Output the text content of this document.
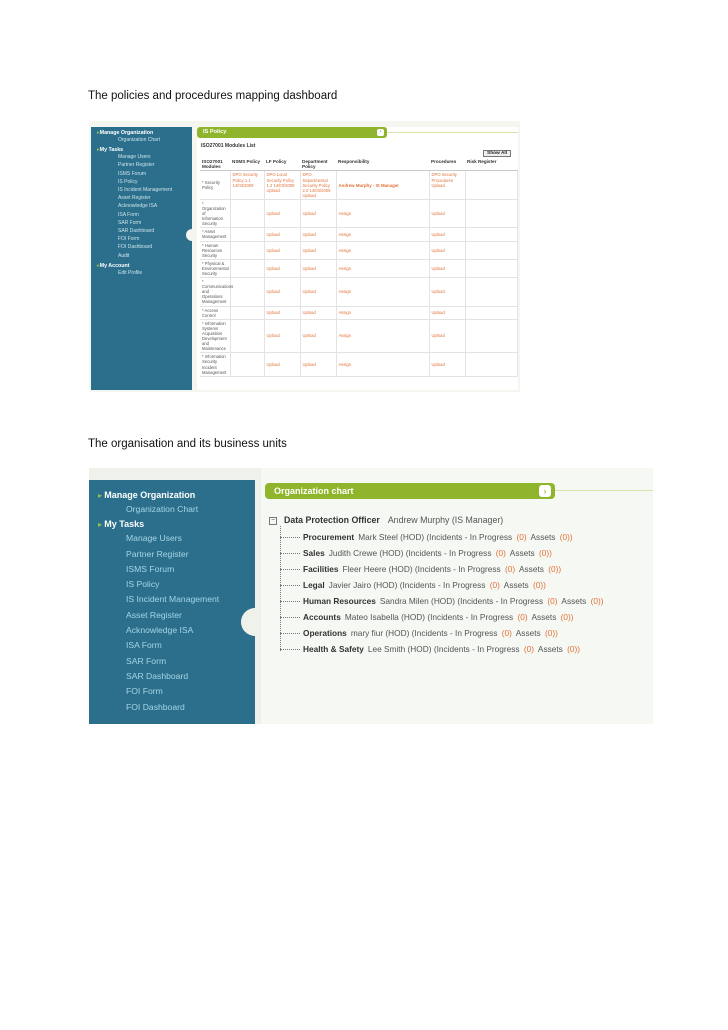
The policies and procedures mapping dashboard
▸ Manage Organization
Organization Chart
▸ My Tasks
Manage Users
Partner Register
ISMS Forum
IS Policy
IS Incident Management
Asset Register
Acknowledge ISA
ISA Form
SAR Form
SAR Dashboard
FOI Form
FOI Dashboard
Audit
▸ My Account
Edit Profile
IS Policy	›
ISO27001 Modules List
Show All
ISO27001 Modules	NSMS Policy	LF Policy	Department Policy	Responsibility	Procedures	Risk Register
* Security Policy	DPO Security Policy 1.1 14/03/2009	DPO Local Security Policy 1.2 14/03/2009 Upload	DPO Departmental Security Policy 2.0 14/03/2009 Upload	Andrew Murphy - IS Manager	DPO Security Procedures Upload	
* Organization of Information Security		Upload	Upload	Assign	Upload	
* Asset Management		Upload	Upload	Assign	Upload	
* Human Resources Security		Upload	Upload	Assign	Upload	
* Physical & Environmental Security		Upload	Upload	Assign	Upload	
* Communications and Operations Management		Upload	Upload	Assign	Upload	
* Access Control		Upload	Upload	Assign	Upload	
* Information Systems Acquisition Development and Maintenance		Upload	Upload	Assign	Upload	
* Information Security Incident Management		Upload	Upload	Assign	Upload	
The organisation and its business units
▸ Manage Organization
Organization Chart
▸ My Tasks
Manage Users
Partner Register
ISMS Forum
IS Policy
IS Incident Management
Asset Register
Acknowledge ISA
ISA Form
SAR Form
SAR Dashboard
FOI Form
FOI Dashboard
Organization chart	›
− Data Protection Officer Andrew Murphy (IS Manager)
Procurement Mark Steel (HOD) (Incidents - In Progress (0) Assets (0))
Sales Judith Crewe (HOD) (Incidents - In Progress (0) Assets (0))
Facilities Fleer Heere (HOD) (Incidents - In Progress (0) Assets (0))
Legal Javier Jairo (HOD) (Incidents - In Progress (0) Assets (0))
Human Resources Sandra Milen (HOD) (Incidents - In Progress (0) Assets (0))
Accounts Mateo Isabella (HOD) (Incidents - In Progress (0) Assets (0))
Operations mary fiur (HOD) (Incidents - In Progress (0) Assets (0))
Health & Safety Lee Smith (HOD) (Incidents - In Progress (0) Assets (0))
